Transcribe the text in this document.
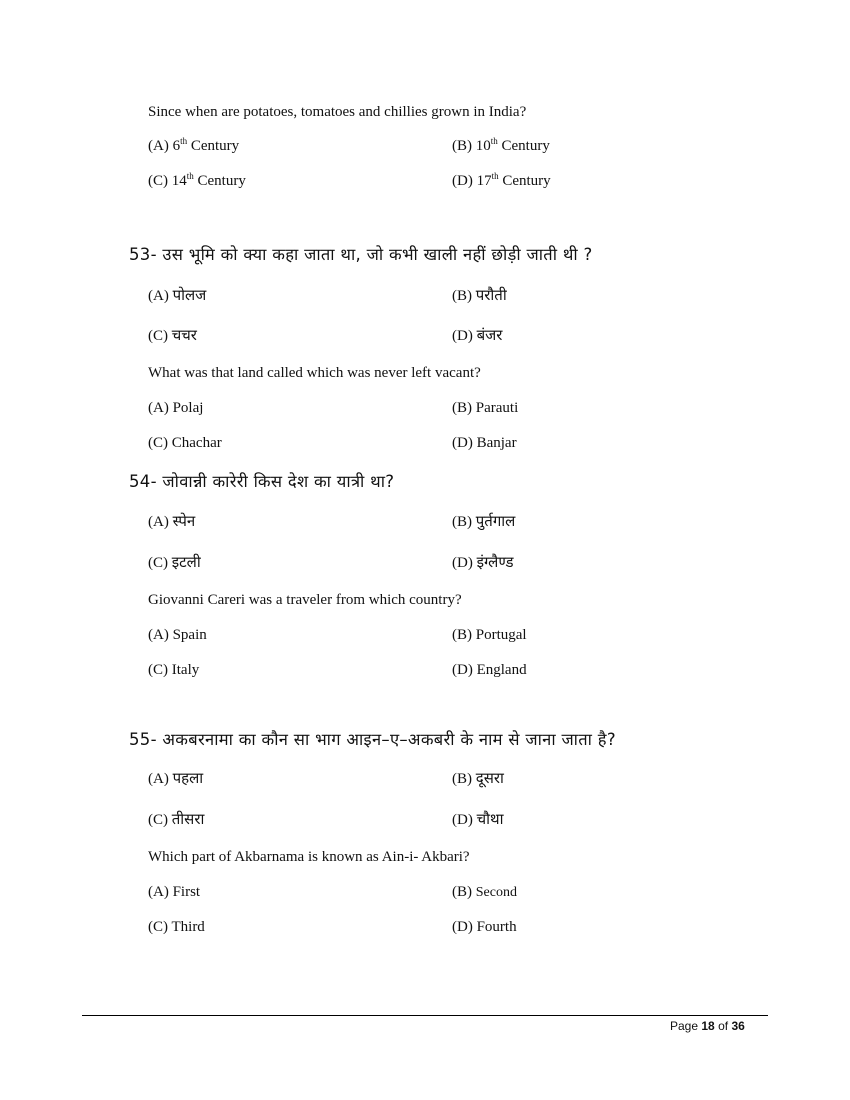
Since when are potatoes, tomatoes and chillies grown in India?
(A) 6th Century	(B) 10th Century
(C) 14th Century	(D) 17th Century
53- उस भूमि को क्या कहा जाता था, जो कभी खाली नहीं छोड़ी जाती थी ?
(A) पोलज	(B) परौती
(C) चचर	(D) बंजर
What was that land called which was never left vacant?
(A) Polaj	(B) Parauti
(C) Chachar	(D) Banjar
54- जोवान्नी कारेरी किस देश का यात्री था?
(A) स्पेन	(B) पुर्तगाल
(C) इटली	(D) इंग्लैण्ड
Giovanni Careri was a traveler from which country?
(A) Spain	(B) Portugal
(C) Italy	(D) England
55- अकबरनामा का कौन सा भाग आइन–ए–अकबरी के नाम से जाना जाता है?
(A) पहला	(B) दूसरा
(C) तीसरा	(D) चौथा
Which part of Akbarnama is known as Ain-i- Akbari?
(A) First	(B) Second
(C) Third	(D) Fourth
Page 18 of 36
